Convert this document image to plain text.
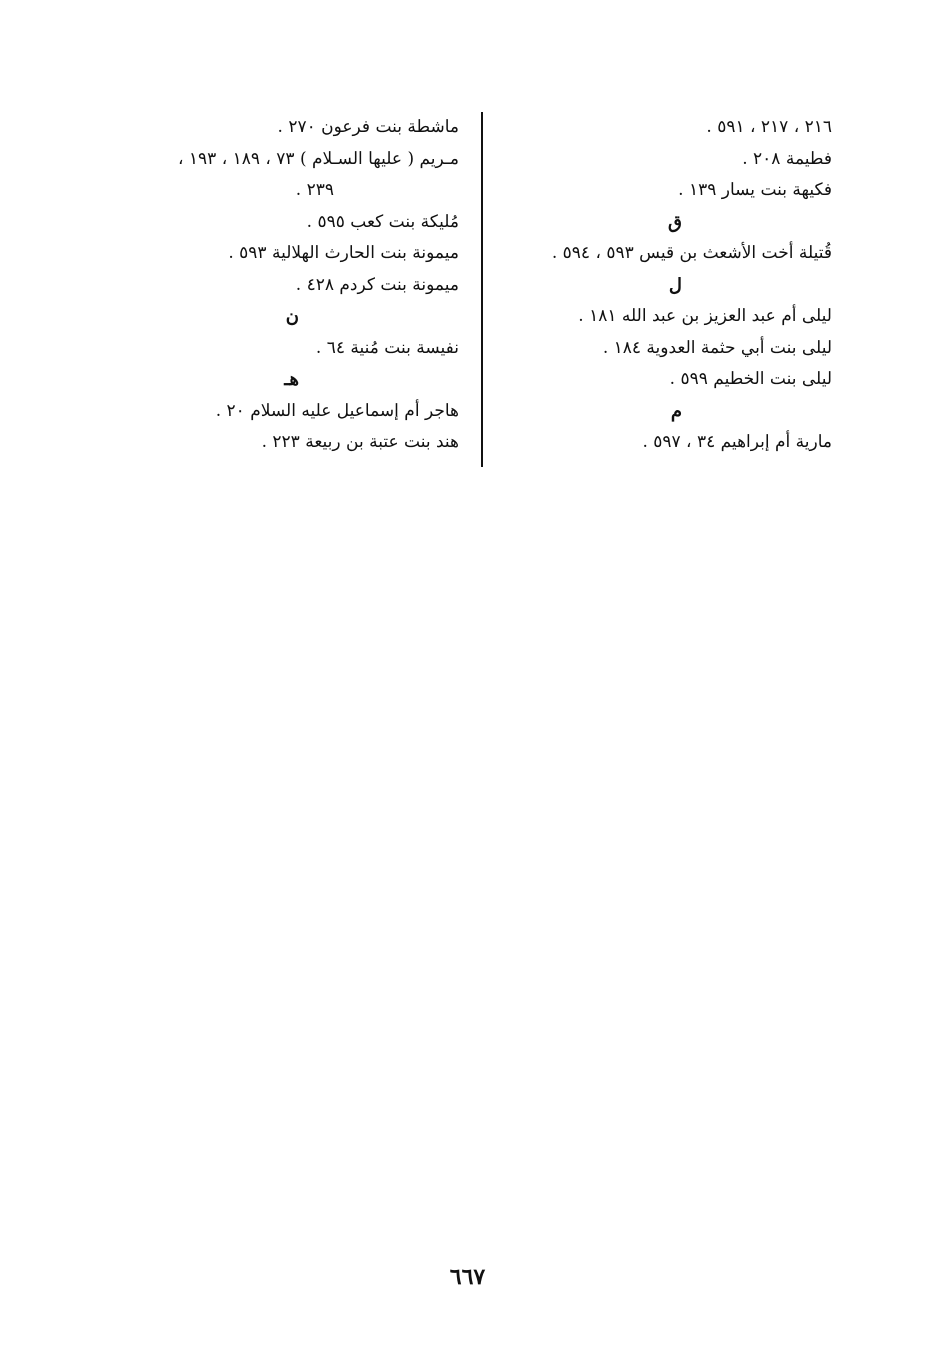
٢١٦ ، ٢١٧ ، ٥٩١ .
فطيمة ٢٠٨ .
فكيهة بنت يسار ١٣٩ .
ق
قُتيلة أخت الأشعث بن قيس ٥٩٣ ، ٥٩٤ .
ل
ليلى أم عبد العزيز بن عبد الله ١٨١ .
ليلى بنت أبي حثمة العدوية ١٨٤ .
ليلى بنت الخطيم ٥٩٩ .
م
مارية أم إبراهيم ٣٤ ، ٥٩٧ .
ماشطة بنت فرعون ٢٧٠ .
مـريم ( عليها السـلام ) ٧٣ ، ١٨٩ ، ١٩٣ ،
٢٣٩ .
مُليكة بنت كعب ٥٩٥ .
ميمونة بنت الحارث الهلالية ٥٩٣ .
ميمونة بنت كردم ٤٢٨ .
ن
نفيسة بنت مُنية ٦٤ .
هـ
هاجر أم إسماعيل عليه السلام ٢٠ .
هند بنت عتبة بن ربيعة ٢٢٣ .
٦٦٧
